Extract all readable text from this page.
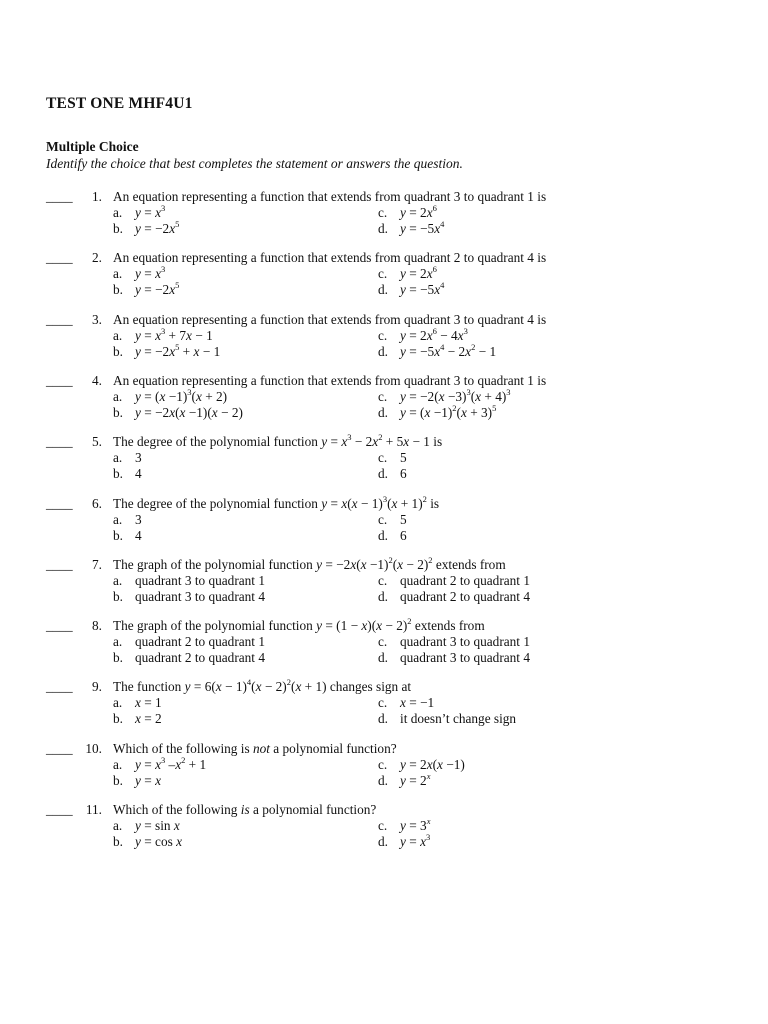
TEST ONE MHF4U1
Multiple Choice
Identify the choice that best completes the statement or answers the question.
____	1. An equation representing a function that extends from quadrant 3 to quadrant 1 is
a. $y = x^3$
b. $y = -2x^5$
c. $y = 2x^6$
d. $y = -5x^4$
____	2. An equation representing a function that extends from quadrant 2 to quadrant 4 is
a. $y = x^3$
b. $y = -2x^5$
c. $y = 2x^6$
d. $y = -5x^4$
____	3. An equation representing a function that extends from quadrant 3 to quadrant 4 is
a. $y = x^3 + 7x - 1$
b. $y = -2x^5 + x - 1$
c. $y = 2x^6 - 4x^3$
d. $y = -5x^4 - 2x^2 - 1$
____	4. An equation representing a function that extends from quadrant 3 to quadrant 1 is
a. $y = (x -1)^3(x + 2)$
b. y = −2x(x −1)(x − 2)
c. $y = -2(x -3)^3(x + 4)^3$
d. $y = (x -1)^2(x + 3)^5$
____	5. The degree of the polynomial function $y = x^3 - 2x^2 + 5x - 1$ is
a. 3
b. 4
c. 5
d. 6
____	6. The degree of the polynomial function $y = x(x - 1)^3(x + 1)^2$ is
a. 3
b. 4
c. 5
d. 6
____	7. The graph of the polynomial function $y = -2x(x -1)^2(x - 2)^2$ extends from
a. quadrant 3 to quadrant 1
b. quadrant 3 to quadrant 4
c. quadrant 2 to quadrant 1
d. quadrant 2 to quadrant 4
____	8. The graph of the polynomial function $y = (1 - x)(x - 2)^2$ extends from
a. quadrant 2 to quadrant 1
b. quadrant 2 to quadrant 4
c. quadrant 3 to quadrant 1
d. quadrant 3 to quadrant 4
____	9. The function $y = 6(x - 1)^4(x - 2)^2(x + 1)$ changes sign at
a. x = 1
b. x = 2
c. x = −1
d. it doesn’t change sign
____ 10. Which of the following is not a polynomial function?
a. $y = x^3$ $-x^2 + 1$
b. y = x
c. y = 2x(x −1)
d. $y = 2^x$
____ 11. Which of the following is a polynomial function?
a. y = sin x
b. y = cos x
c. $y = 3^x$
d. $y = x^3$
